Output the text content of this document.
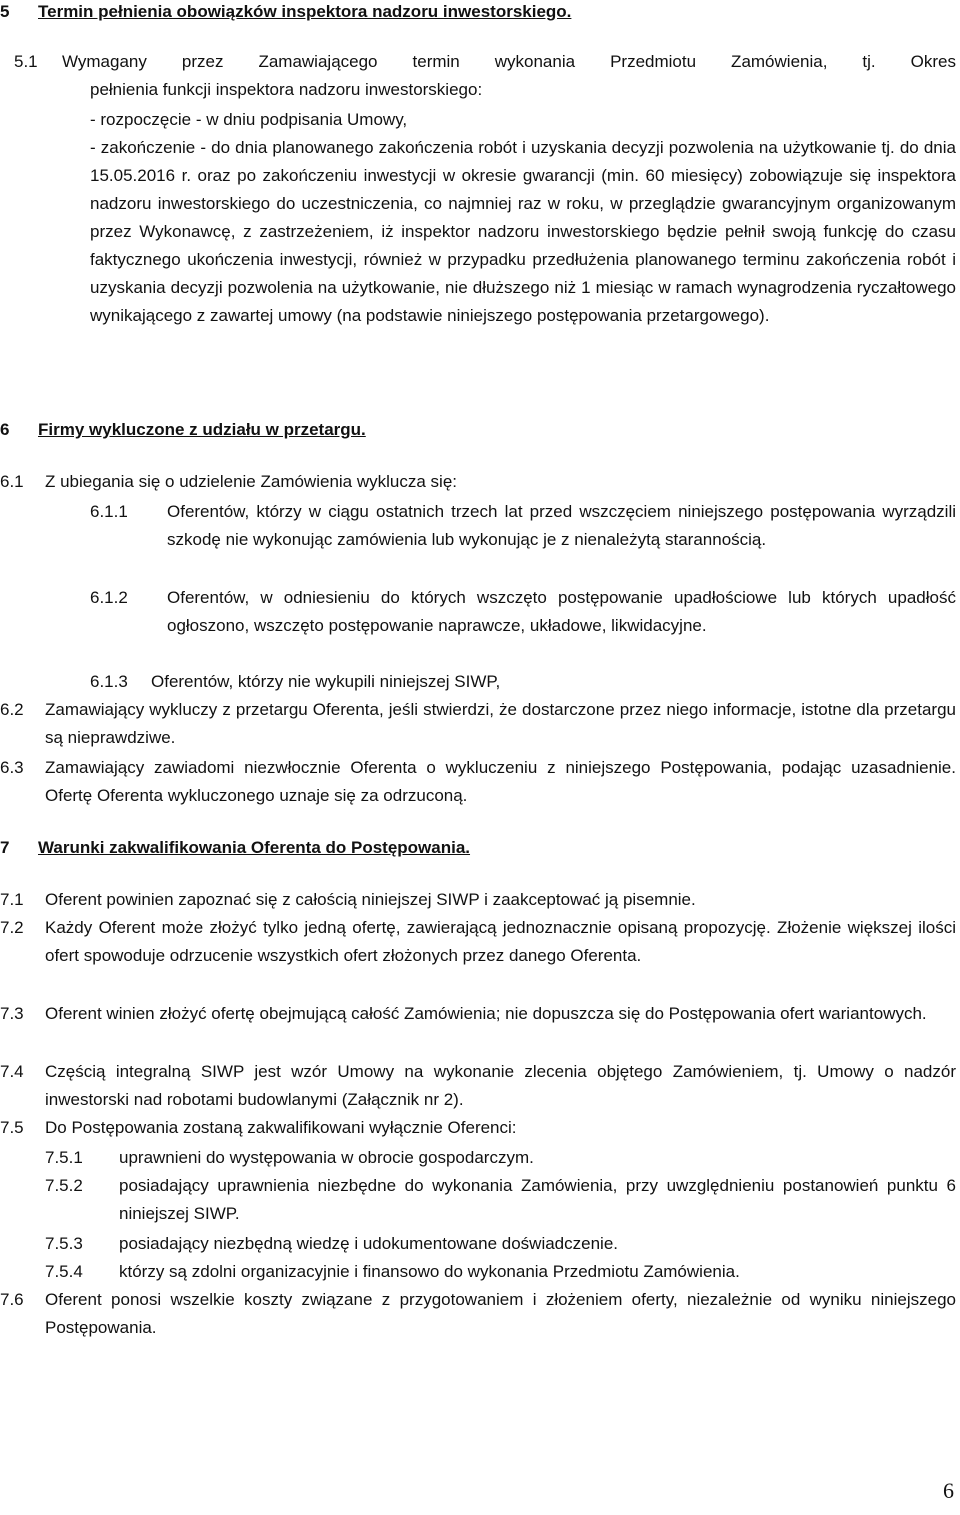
5 Termin pełnienia obowiązków inspektora nadzoru inwestorskiego.
5.1 Wymagany przez Zamawiającego termin wykonania Przedmiotu Zamówienia, tj. Okres
pełnienia funkcji inspektora nadzoru inwestorskiego:
- rozpoczęcie - w dniu podpisania Umowy,
- zakończenie - do dnia planowanego zakończenia robót i uzyskania decyzji pozwolenia na użytkowanie tj. do dnia 15.05.2016 r. oraz po zakończeniu inwestycji w okresie gwarancji (min. 60 miesięcy) zobowiązuje się inspektora nadzoru inwestorskiego do uczestniczenia, co najmniej raz w roku, w przeglądzie gwarancyjnym organizowanym przez Wykonawcę, z zastrzeżeniem, iż inspektor nadzoru inwestorskiego będzie pełnił swoją funkcję do czasu faktycznego ukończenia inwestycji, również w przypadku przedłużenia planowanego terminu zakończenia robót i uzyskania decyzji pozwolenia na użytkowanie, nie dłuższego niż 1 miesiąc w ramach wynagrodzenia ryczałtowego wynikającego z zawartej umowy (na podstawie niniejszego postępowania przetargowego).
6 Firmy wykluczone z udziału w przetargu.
6.1 Z ubiegania się o udzielenie Zamówienia wyklucza się:
6.1.1 Oferentów, którzy w ciągu ostatnich trzech lat przed wszczęciem niniejszego postępowania wyrządzili szkodę nie wykonując zamówienia lub wykonując je z nienależytą starannością.
6.1.2 Oferentów, w odniesieniu do których wszczęto postępowanie upadłościowe lub których upadłość ogłoszono, wszczęto postępowanie naprawcze, układowe, likwidacyjne.
6.1.3 Oferentów, którzy nie wykupili niniejszej SIWP,
6.2 Zamawiający wykluczy z przetargu Oferenta, jeśli stwierdzi, że dostarczone przez niego informacje, istotne dla przetargu są nieprawdziwe.
6.3 Zamawiający zawiadomi niezwłocznie Oferenta o wykluczeniu z niniejszego Postępowania, podając uzasadnienie. Ofertę Oferenta wykluczonego uznaje się za odrzuconą.
7 Warunki zakwalifikowania Oferenta do Postępowania.
7.1 Oferent powinien zapoznać się z całością niniejszej SIWP i zaakceptować ją pisemnie.
7.2 Każdy Oferent może złożyć tylko jedną ofertę, zawierającą jednoznacznie opisaną propozycję. Złożenie większej ilości ofert spowoduje odrzucenie wszystkich ofert złożonych przez danego Oferenta.
7.3 Oferent winien złożyć ofertę obejmującą całość Zamówienia; nie dopuszcza się do Postępowania ofert wariantowych.
7.4 Częścią integralną SIWP jest wzór Umowy na wykonanie zlecenia objętego Zamówieniem, tj. Umowy o nadzór inwestorski nad robotami budowlanymi (Załącznik nr 2).
7.5 Do Postępowania zostaną zakwalifikowani wyłącznie Oferenci:
7.5.1 uprawnieni do występowania w obrocie gospodarczym.
7.5.2 posiadający uprawnienia niezbędne do wykonania Zamówienia, przy uwzględnieniu postanowień punktu 6 niniejszej SIWP.
7.5.3 posiadający niezbędną wiedzę i udokumentowane doświadczenie.
7.5.4 którzy są zdolni organizacyjnie i finansowo do wykonania Przedmiotu Zamówienia.
7.6 Oferent ponosi wszelkie koszty związane z przygotowaniem i złożeniem oferty, niezależnie od wyniku niniejszego Postępowania.
6
